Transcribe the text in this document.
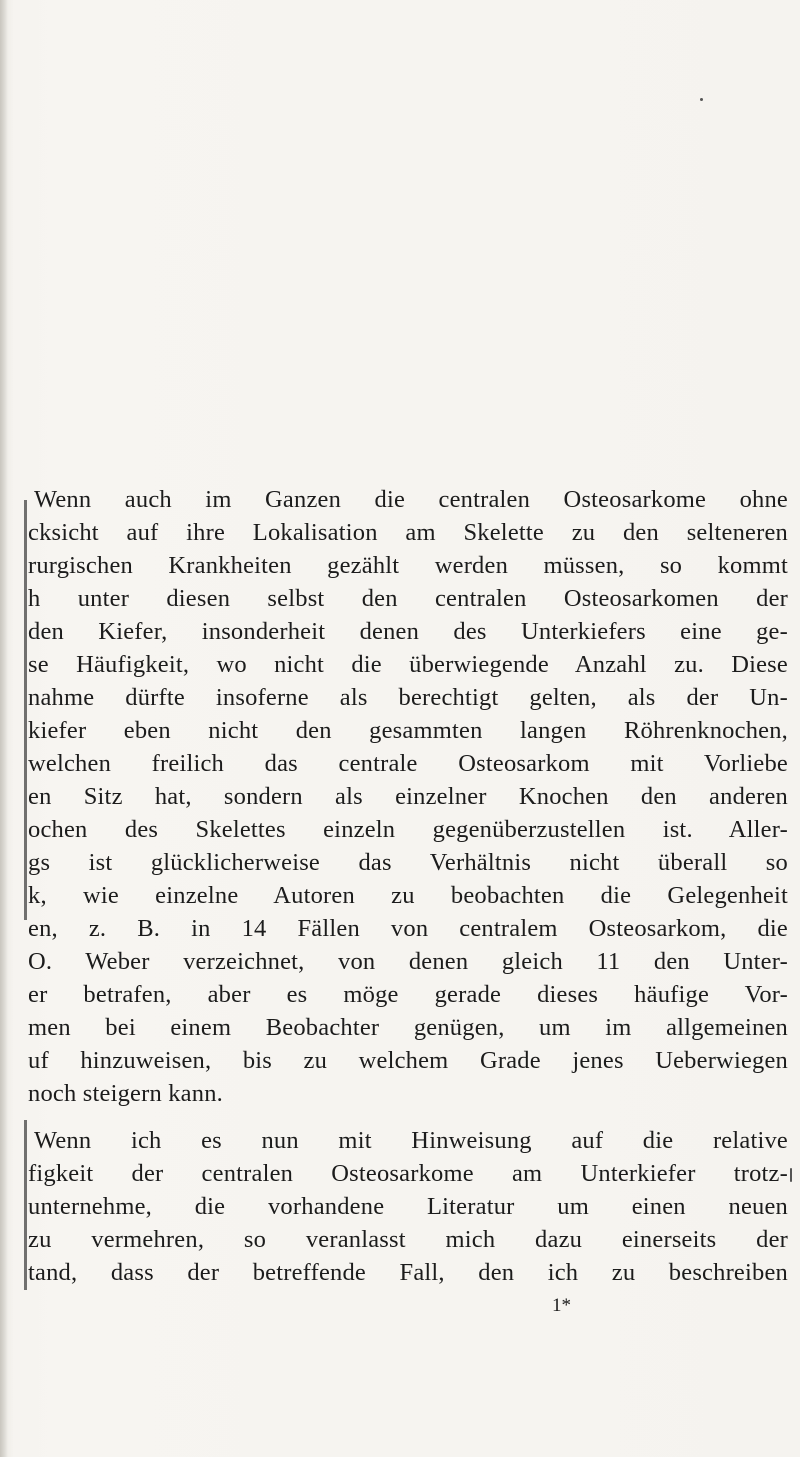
Wenn auch im Ganzen die centralen Osteosarkome ohne
cksicht auf ihre Lokalisation am Skelette zu den selteneren
rurgischen Krankheiten gezählt werden müssen, so kommt
h unter diesen selbst den centralen Osteosarkomen der
den Kiefer, insonderheit denen des Unterkiefers eine ge-
se Häufigkeit, wo nicht die überwiegende Anzahl zu. Diese
nahme dürfte insoferne als berechtigt gelten, als der Un-
kiefer eben nicht den gesammten langen Röhrenknochen,
welchen freilich das centrale Osteosarkom mit Vorliebe
en Sitz hat, sondern als einzelner Knochen den anderen
ochen des Skelettes einzeln gegenüberzustellen ist. Aller-
gs ist glücklicherweise das Verhältnis nicht überall so
k, wie einzelne Autoren zu beobachten die Gelegenheit
en, z. B. in 14 Fällen von centralem Osteosarkom, die
O. Weber verzeichnet, von denen gleich 11 den Unter-
er betrafen, aber es möge gerade dieses häufige Vor-
men bei einem Beobachter genügen, um im allgemeinen
uf hinzuweisen, bis zu welchem Grade jenes Ueberwiegen
noch steigern kann.
Wenn ich es nun mit Hinweisung auf die relative
figkeit der centralen Osteosarkome am Unterkiefer trotz-
unternehme, die vorhandene Literatur um einen neuen
zu vermehren, so veranlasst mich dazu einerseits der
tand, dass der betreffende Fall, den ich zu beschreiben
1*
